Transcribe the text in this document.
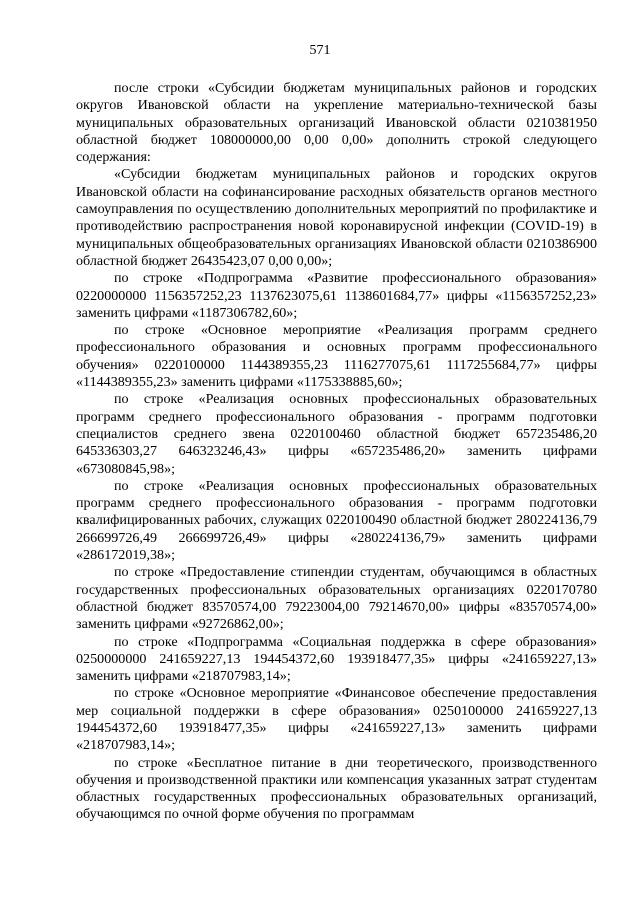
571

после строки «Субсидии бюджетам муниципальных районов и городских округов Ивановской области на укрепление материально-технической базы муниципальных образовательных организаций Ивановской области 0210381950 областной бюджет 108000000,00 0,00 0,00» дополнить строкой следующего содержания:

«Субсидии бюджетам муниципальных районов и городских округов Ивановской области на софинансирование расходных обязательств органов местного самоуправления по осуществлению дополнительных мероприятий по профилактике и противодействию распространения новой коронавирусной инфекции (COVID-19) в муниципальных общеобразовательных организациях Ивановской области 0210386900 областной бюджет 26435423,07 0,00 0,00»;

по строке «Подпрограмма «Развитие профессионального образования» 0220000000 1156357252,23 1137623075,61 1138601684,77» цифры «1156357252,23» заменить цифрами «1187306782,60»;

по строке «Основное мероприятие «Реализация программ среднего профессионального образования и основных программ профессионального обучения» 0220100000 1144389355,23 1116277075,61 1117255684,77» цифры «1144389355,23» заменить цифрами «1175338885,60»;

по строке «Реализация основных профессиональных образовательных программ среднего профессионального образования - программ подготовки специалистов среднего звена 0220100460 областной бюджет 657235486,20 645336303,27 646323246,43» цифры «657235486,20» заменить цифрами «673080845,98»;

по строке «Реализация основных профессиональных образовательных программ среднего профессионального образования - программ подготовки квалифицированных рабочих, служащих 0220100490 областной бюджет 280224136,79 266699726,49 266699726,49» цифры «280224136,79» заменить цифрами «286172019,38»;

по строке «Предоставление стипендии студентам, обучающимся в областных государственных профессиональных образовательных организациях 0220170780 областной бюджет 83570574,00 79223004,00 79214670,00» цифры «83570574,00» заменить цифрами «92726862,00»;

по строке «Подпрограмма «Социальная поддержка в сфере образования» 0250000000 241659227,13 194454372,60 193918477,35» цифры «241659227,13» заменить цифрами «218707983,14»;

по строке «Основное мероприятие «Финансовое обеспечение предоставления мер социальной поддержки в сфере образования» 0250100000 241659227,13 194454372,60 193918477,35» цифры «241659227,13» заменить цифрами «218707983,14»;

по строке «Бесплатное питание в дни теоретического, производственного обучения и производственной практики или компенсация указанных затрат студентам областных государственных профессиональных образовательных организаций, обучающимся по очной форме обучения по программам
